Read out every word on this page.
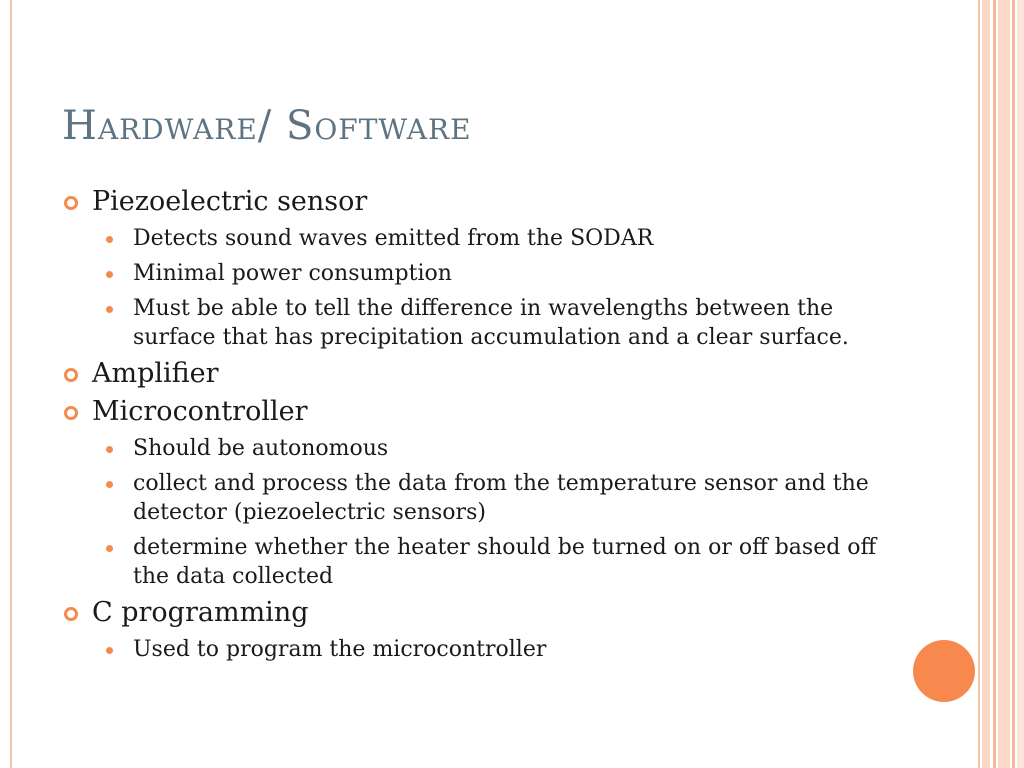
Hardware/ Software
Piezoelectric sensor
Detects sound waves emitted from the SODAR
Minimal power consumption
Must be able to tell the difference in wavelengths between the surface that has precipitation accumulation and a clear surface.
Amplifier
Microcontroller
Should be autonomous
collect and process the data from the temperature sensor and the detector (piezoelectric sensors)
determine whether the heater should be turned on or off based off the data collected
C programming
Used to program the microcontroller
